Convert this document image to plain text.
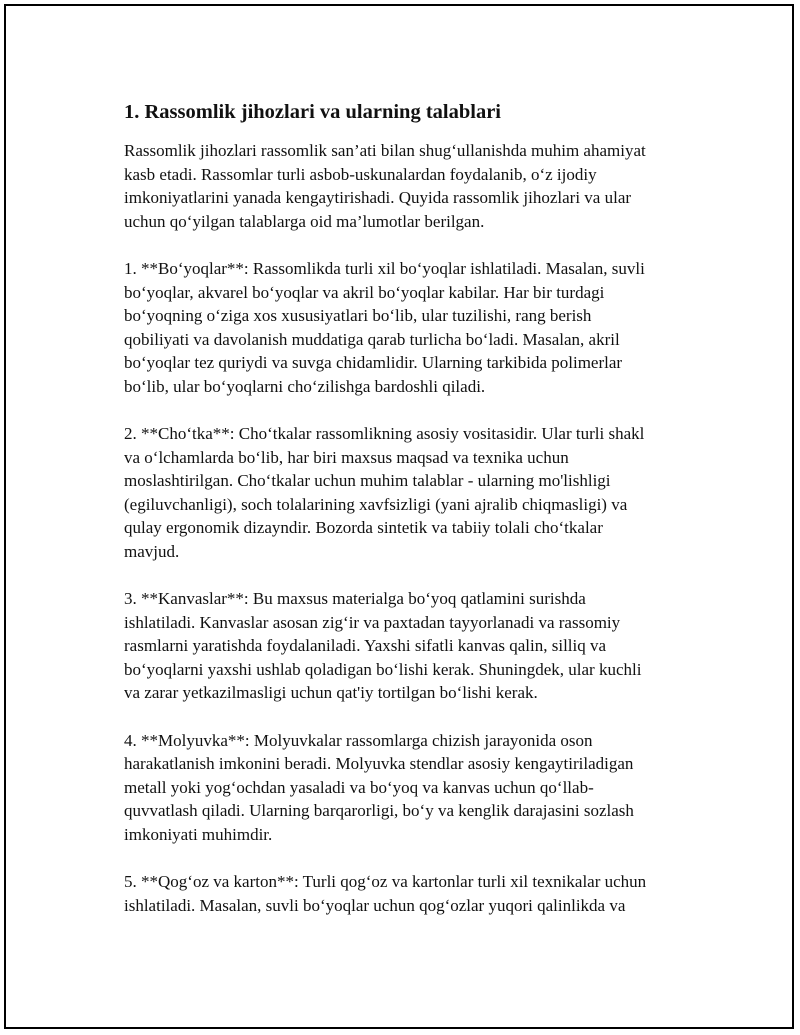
1. Rassomlik jihozlari va ularning talablari
Rassomlik jihozlari rassomlik san’ati bilan shug‘ullanishda muhim ahamiyat
kasb etadi. Rassomlar turli asbob-uskunalardan foydalanib, o‘z ijodiy
imkoniyatlarini yanada kengaytirishadi. Quyida rassomlik jihozlari va ular
uchun qo‘yilgan talablarga oid ma’lumotlar berilgan.
1. **Bo‘yoqlar**: Rassomlikda turli xil bo‘yoqlar ishlatiladi. Masalan, suvli
bo‘yoqlar, akvarel bo‘yoqlar va akril bo‘yoqlar kabilar. Har bir turdagi
bo‘yoqning o‘ziga xos xususiyatlari bo‘lib, ular tuzilishi, rang berish
qobiliyati va davolanish muddatiga qarab turlicha bo‘ladi. Masalan, akril
bo‘yoqlar tez quriydi va suvga chidamlidir. Ularning tarkibida polimerlar
bo‘lib, ular bo‘yoqlarni cho‘zilishga bardoshli qiladi.
2. **Cho‘tka**: Cho‘tkalar rassomlikning asosiy vositasidir. Ular turli shakl
va o‘lchamlarda bo‘lib, har biri maxsus maqsad va texnika uchun
moslashtirilgan. Cho‘tkalar uchun muhim talablar - ularning mo'lishligi
(egiluvchanligi), soch tolalarining xavfsizligi (yani ajralib chiqmasligi) va
qulay ergonomik dizayndir. Bozorda sintetik va tabiiy tolali cho‘tkalar
mavjud.
3. **Kanvaslar**: Bu maxsus materialga bo‘yoq qatlamini surishda
ishlatiladi. Kanvaslar asosan zig‘ir va paxtadan tayyorlanadi va rassomiy
rasmlarni yaratishda foydalaniladi. Yaxshi sifatli kanvas qalin, silliq va
bo‘yoqlarni yaxshi ushlab qoladigan bo‘lishi kerak. Shuningdek, ular kuchli
va zarar yetkazilmasligi uchun qat'iy tortilgan bo‘lishi kerak.
4. **Molyuvka**: Molyuvkalar rassomlarga chizish jarayonida oson
harakatlanish imkonini beradi. Molyuvka stendlar asosiy kengaytiriladigan
metall yoki yog‘ochdan yasaladi va bo‘yoq va kanvas uchun qo‘llab-
quvvatlash qiladi. Ularning barqarorligi, bo‘y va kenglik darajasini sozlash
imkoniyati muhimdir.
5. **Qog‘oz va karton**: Turli qog‘oz va kartonlar turli xil texnikalar uchun
ishlatiladi. Masalan, suvli bo‘yoqlar uchun qog‘ozlar yuqori qalinlikda va
